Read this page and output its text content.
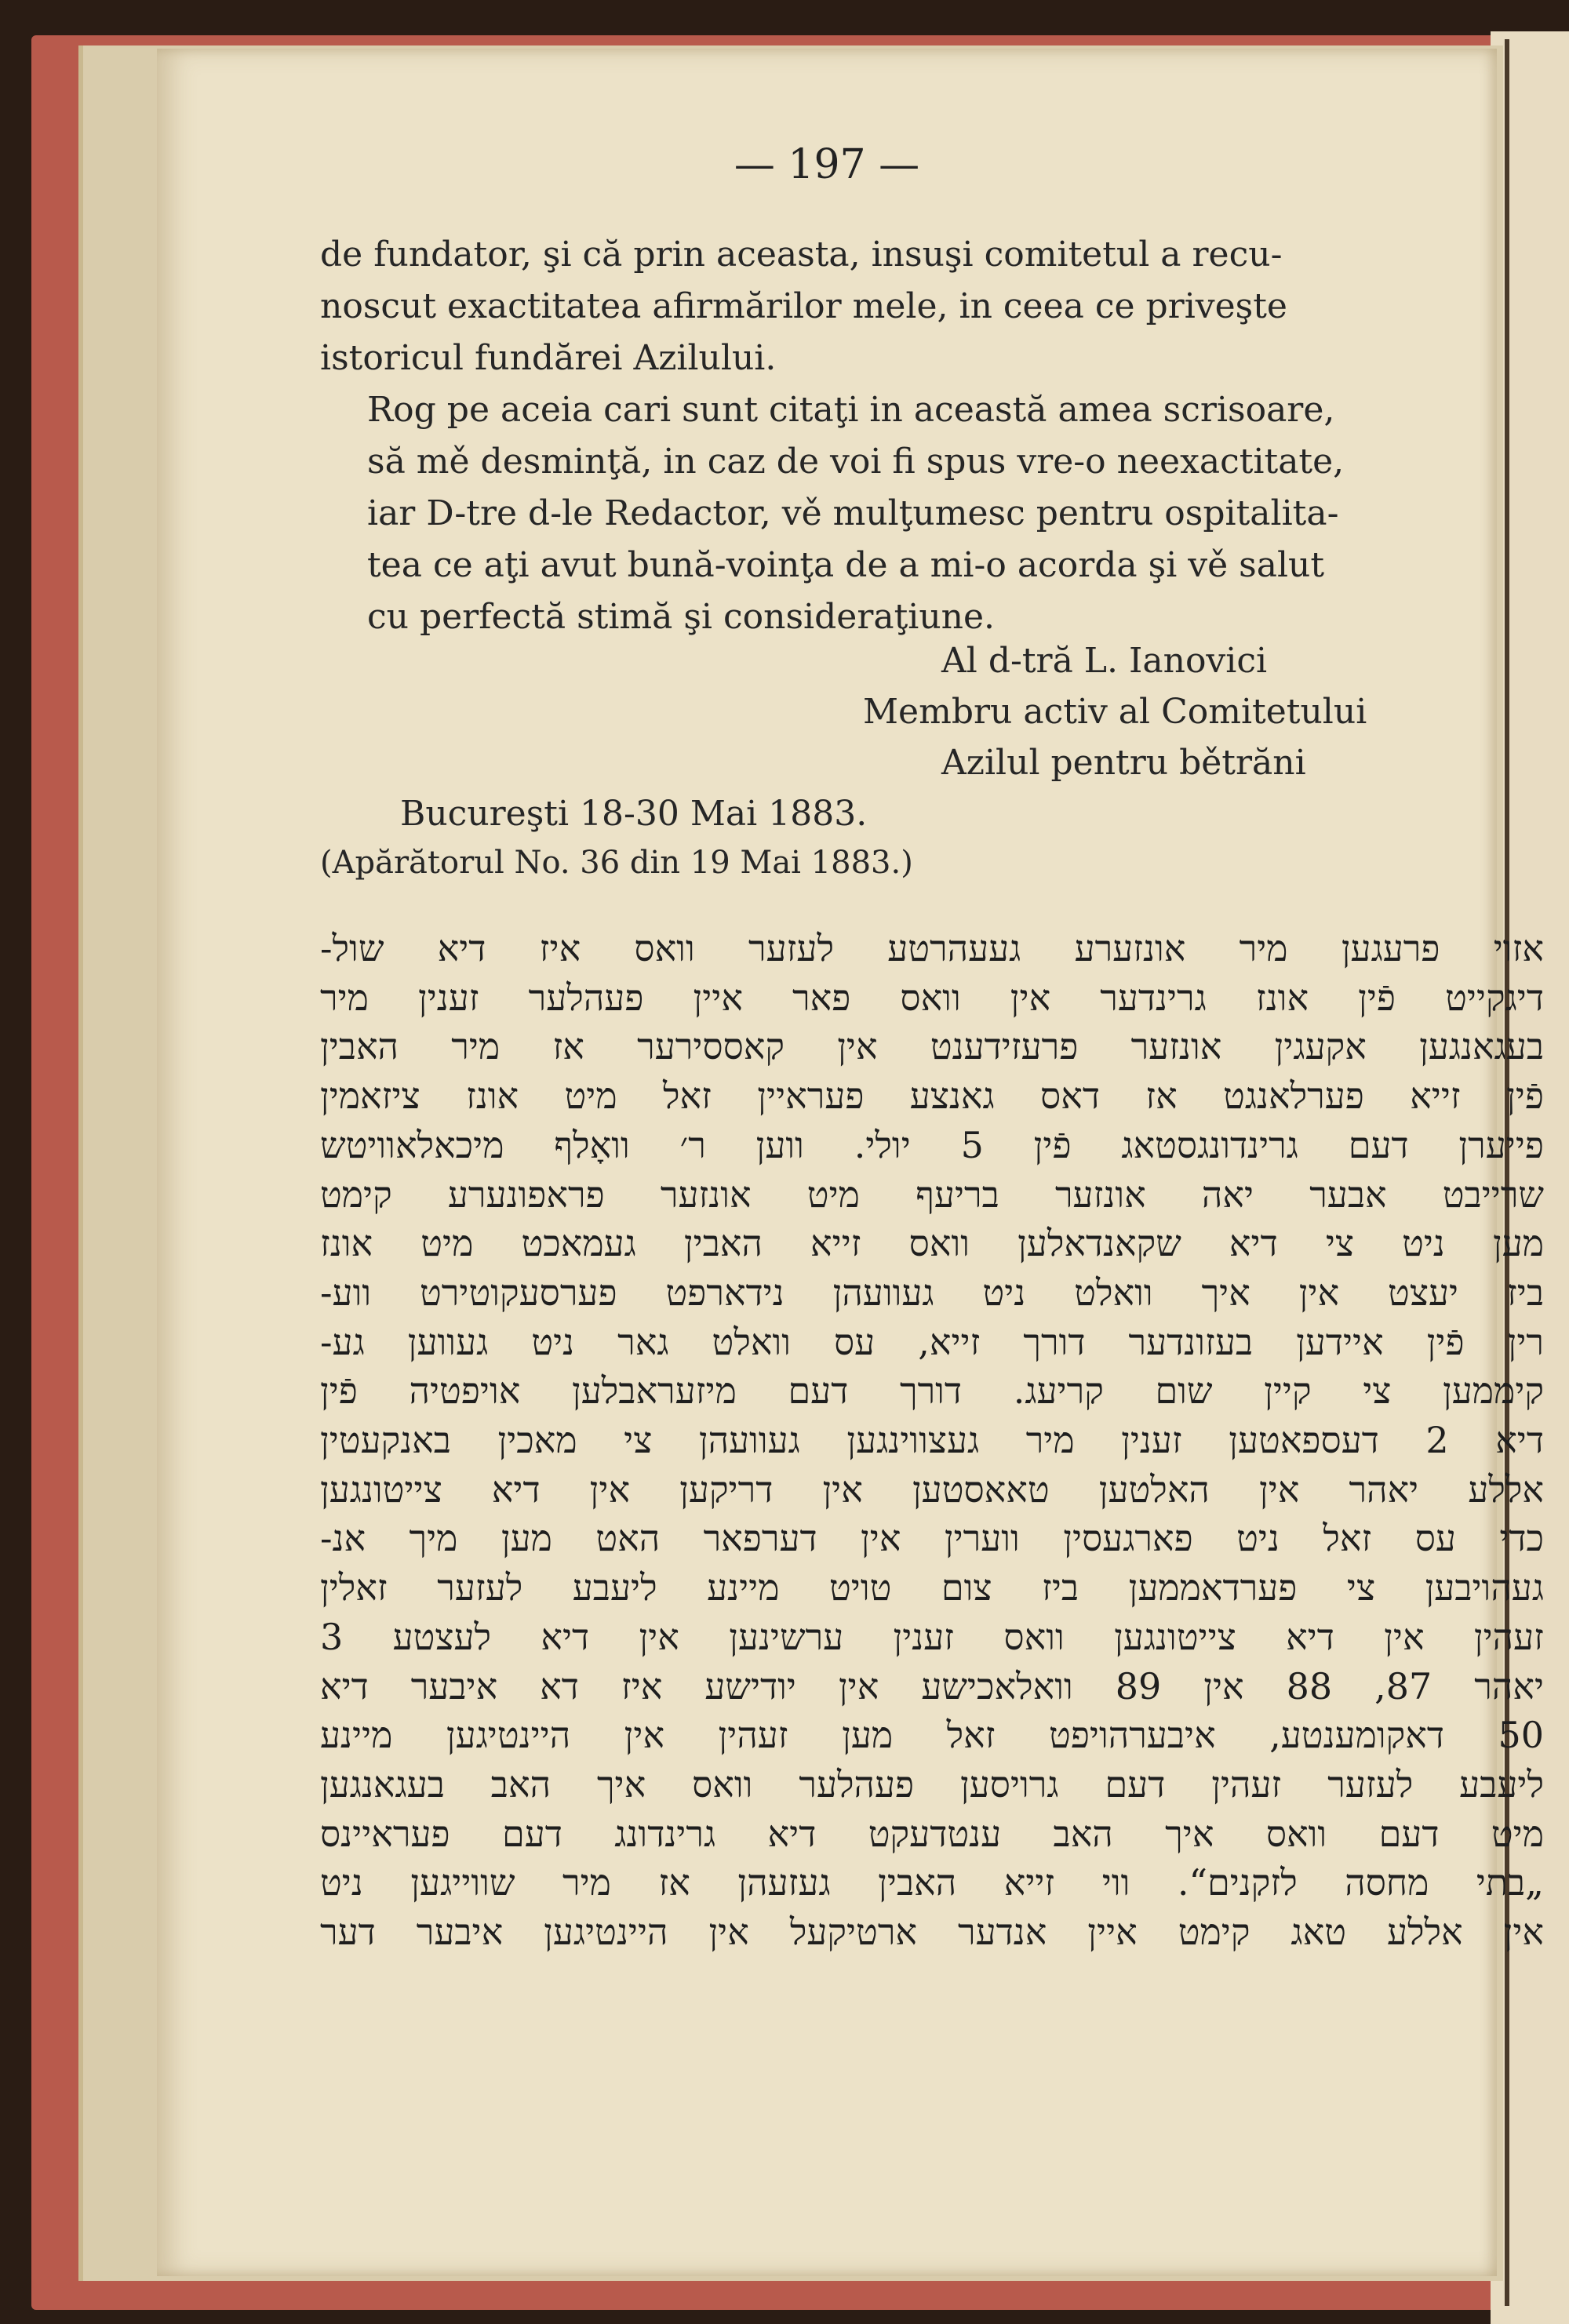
— 197 —

de fundator, şi că prin aceasta, insuşi comitetul a recu-
noscut exactitatea afirmărilor mele, in ceea ce priveşte
istoricul fundărei Azilului.

Rog pe aceia cari sunt citaţi in această amea scrisoare,
să mě desminţă, in caz de voi fi spus vre-o neexactitate,
iar D-tre d-le Redactor, vě mulţumesc pentru ospitalita-
tea ce aţi avut bună-voinţa de a mi-o acorda şi vě salut
cu perfectă stimă şi consideraţiune.

Al d-tră L. Ianovici
Membru activ al Comitetului
Azilul pentru bětrăni
Bucureşti 18-30 Mai 1883.
(Apărătorul No. 36 din 19 Mai 1883.)
אזוי פרעגען מיר אונזערע געעהרטע לעזער וואס איז דיא שול-
דיגקייט פֿין אונז גרינדער אין וואס פאר איין פעהלער זענין מיר
בעגאנגען אקעגין אונזער פרעזידענט אין קאססירער אז מיר האבין
פֿין זייא פערלאנגט אז דאס גאנצע פעראיין זאל מיט אונז ציזאמין
פייערן דעם גרינדונגסטאג פֿין 5 יולי. ווען ר׳ וואָלף מיכאלאוויטש
שרייבט אבער יאה אונזער בריעף מיט אונזער פראפונערע קימט
מען ניט צי דיא שקאנדאלען וואס זייא האבין געמאכט מיט אונז
ביז יעצט אין איך וואלט ניט געוועהן נידארפט פערסעקוטירט ווע-
רין פֿין איידען בעזונדער דורך זייא, עס וואלט גאר ניט געווען גע-
קיממען צי קיין שום קריעג. דורך דעם מיזעראבלען אויפטיה פֿין
דיא 2 דעספאטען זענין מיר געצווינגען געוועהן צי מאכין באנקעטין
אללע יאהר אין האלטען טאאסטען אין דריקען אין דיא צייטונגען
כדי עס זאל ניט פארגעסין ווערין אין דערפאר האט מען מיך אנ-
געהויבען צי פערדאממען ביז צום טויט מיינע ליעבע לעזער זאלין
זעהין אין דיא צייטונגען וואס זענין ערשינען אין דיא לעצטע 3
יאהר 87, 88 אין 89 וואלאכישע אין יודישע איז דא איבער דיא
50 דאקומענטע, איבערהויפט זאל מען זעהין אין היינטיגען מיינע
ליעבע לעזער זעהין דעם גרויסען פעהלער וואס איך האב בעגאנגען
מיט דעם וואס איך האב ענטדעקט דיא גרינדונג דעם פעראיינס
„בתי מחסה לזקנים“. ווי זייא האבין געזעהן אז מיר שווייגען ניט
אין אללע טאג קימט איין אנדער ארטיקעל אין היינטיגען איבער דער
